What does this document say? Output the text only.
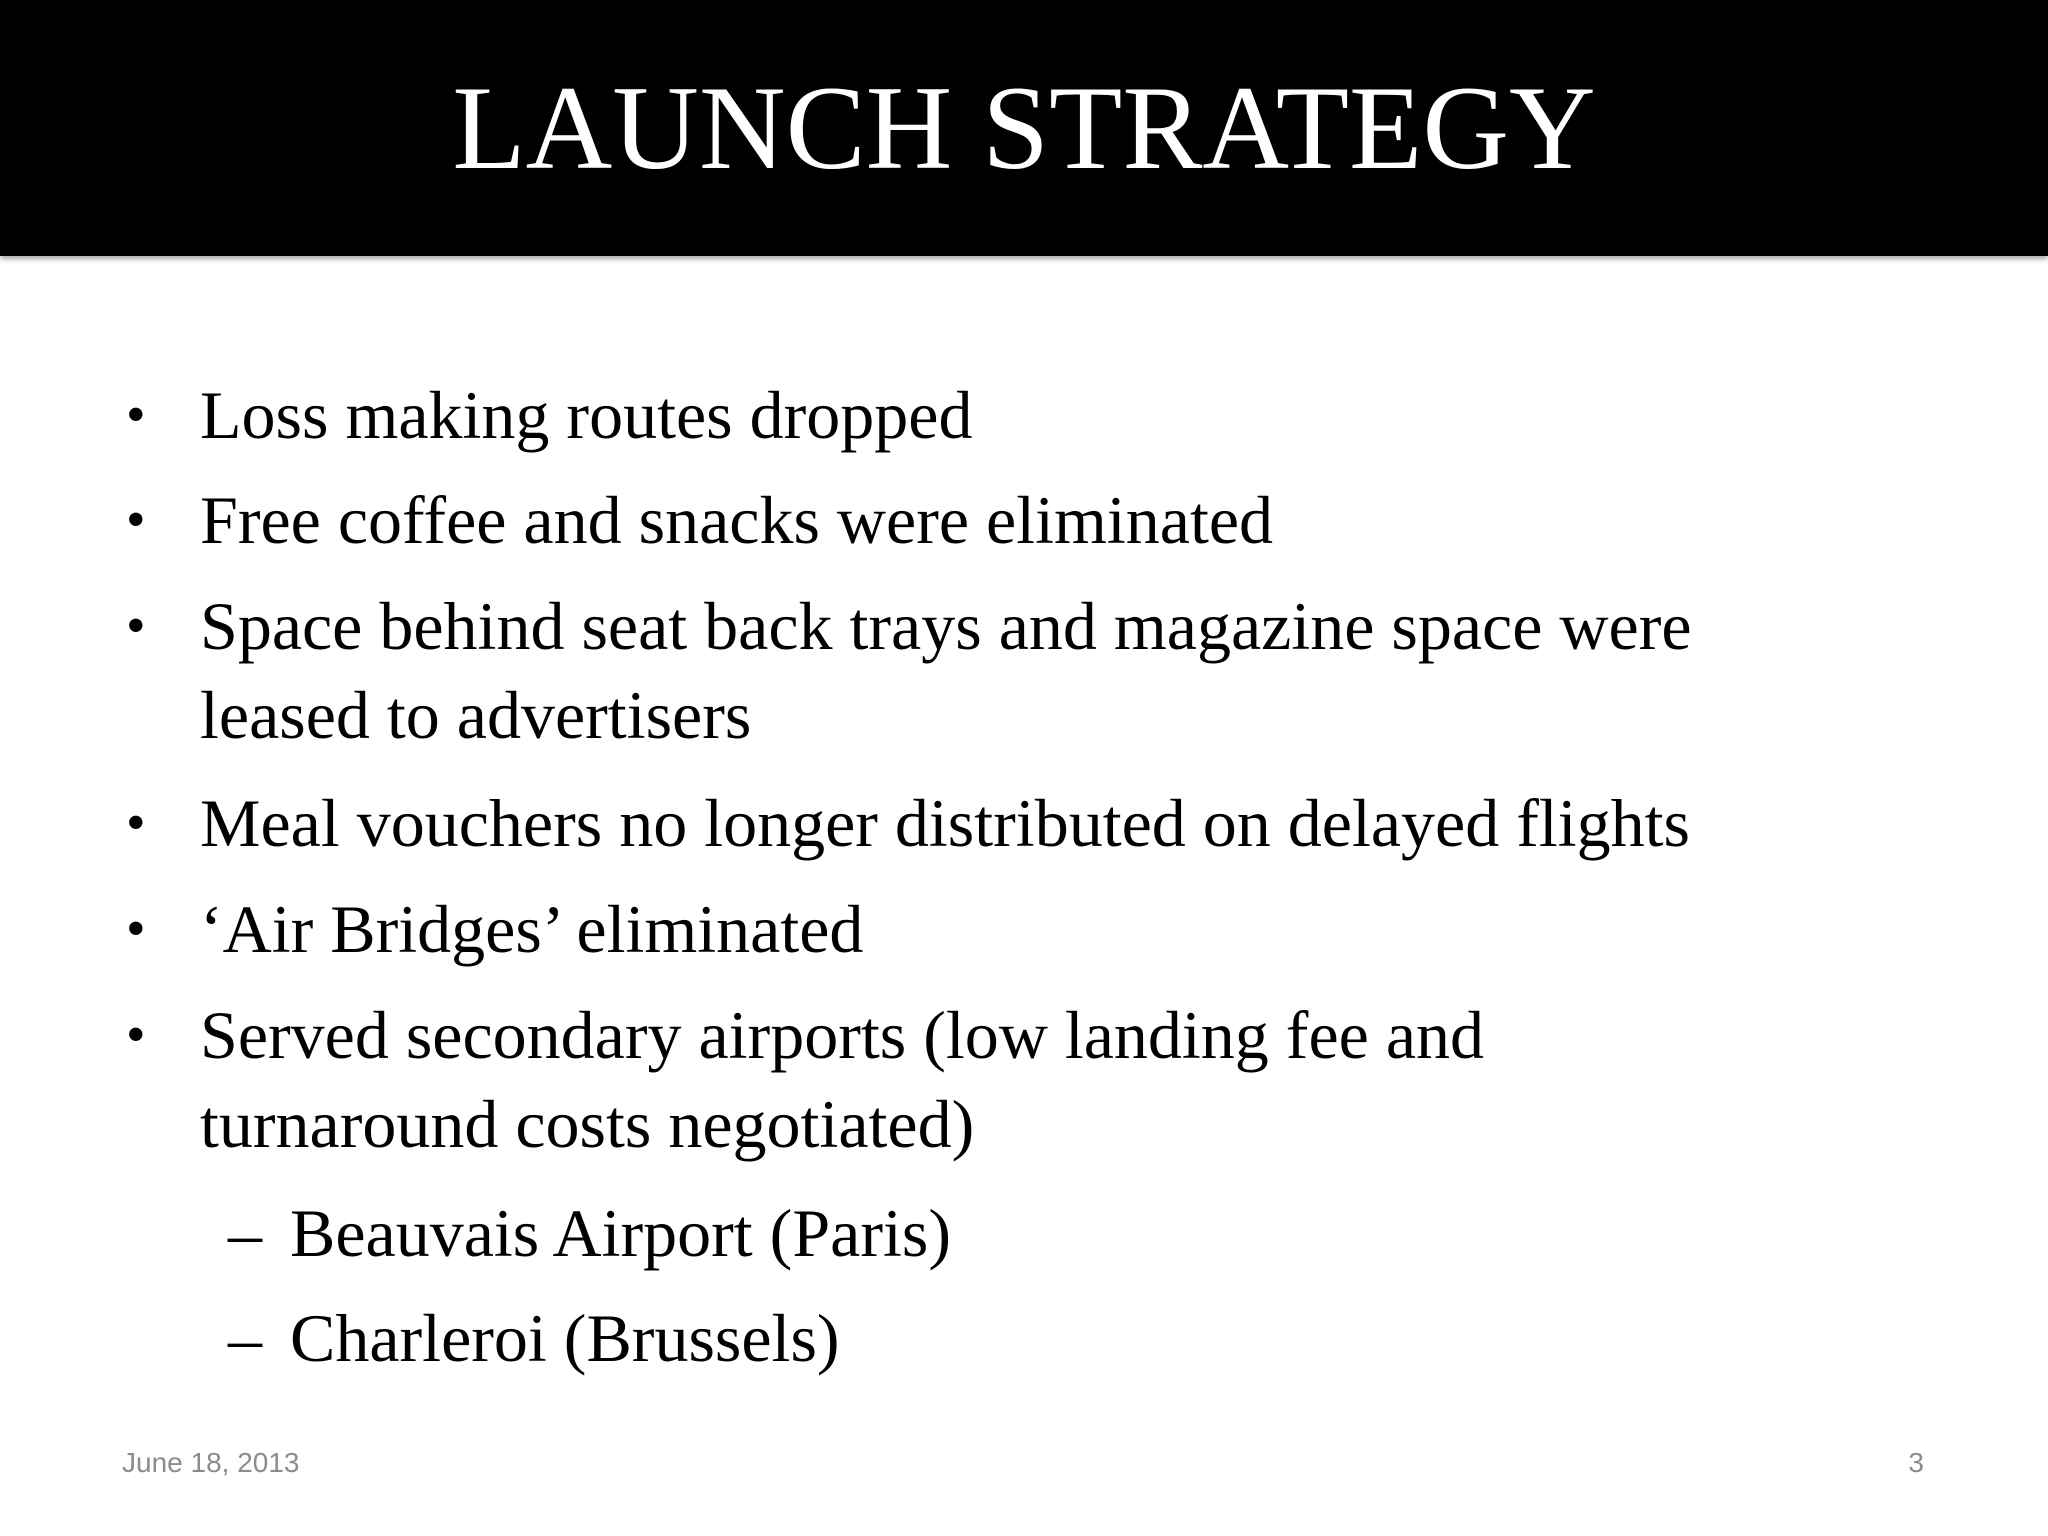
LAUNCH STRATEGY
• Loss making routes dropped
• Free coffee and snacks were eliminated
• Space behind seat back trays and magazine space were
leased to advertisers
• Meal vouchers no longer distributed on delayed flights
• ‘Air Bridges’ eliminated
• Served secondary airports (low landing fee and
turnaround costs negotiated)
– Beauvais Airport (Paris)
– Charleroi (Brussels)
June 18, 2013	3
